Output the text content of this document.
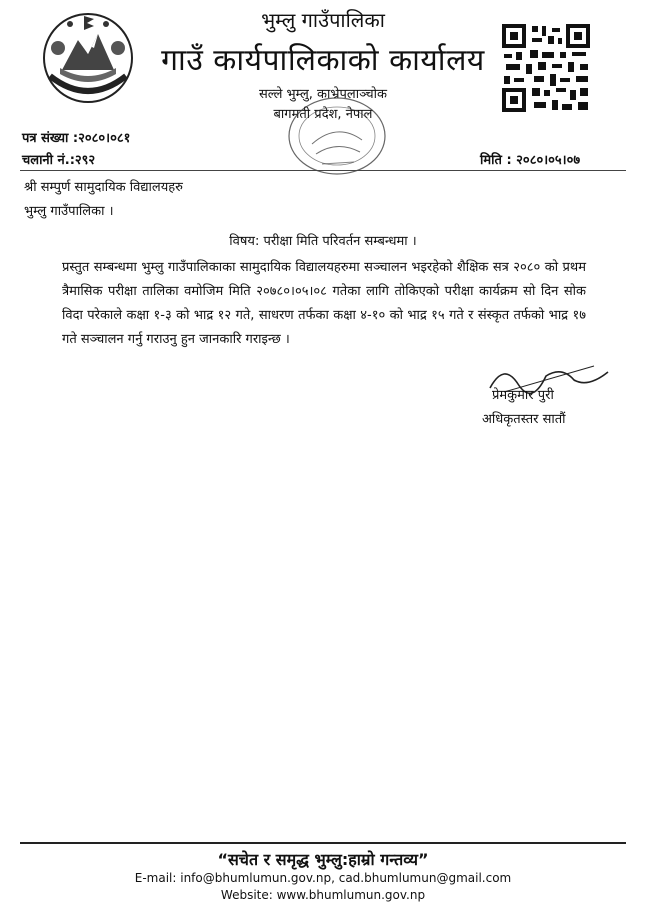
भुम्लु गाउँपालिका
गाउँ कार्यपालिकाको कार्यालय
सल्ले भुम्लु, काभ्रेपलाञ्चोक
बागमती प्रदेश, नेपाल
पत्र संख्या :२०८०।०८१
चलानी नं.:२९२	मिति : २०८०।०५।०७
श्री सम्पुर्ण सामुदायिक विद्यालयहरु
भुम्लु गाउँपालिका ।
विषय: परीक्षा मिति परिवर्तन सम्बन्धमा ।
प्रस्तुत सम्बन्धमा भुम्लु गाउँपालिकाका सामुदायिक विद्यालयहरुमा सञ्चालन भइरहेको शैक्षिक सत्र २०८० को प्रथम त्रैमासिक परीक्षा तालिका वमोजिम मिति २०७८०।०५।०८ गतेका लागि तोकिएको परीक्षा कार्यक्रम सो दिन सोक विदा परेकाले कक्षा १-३ को भाद्र १२ गते, साधरण तर्फका कक्षा ४-१० को भाद्र १५ गते र संस्कृत तर्फको भाद्र १७ गते सञ्चालन गर्नु गराउनु हुन जानकारि गराइन्छ ।
प्रेमकुमार पुरी
अधिकृतस्तर सातौं
“सचेत र समृद्ध भुम्लु:हाम्रो गन्तव्य”
E-mail: info@bhumlumun.gov.np, cad.bhumlumun@gmail.com
Website: www.bhumlumun.gov.np
